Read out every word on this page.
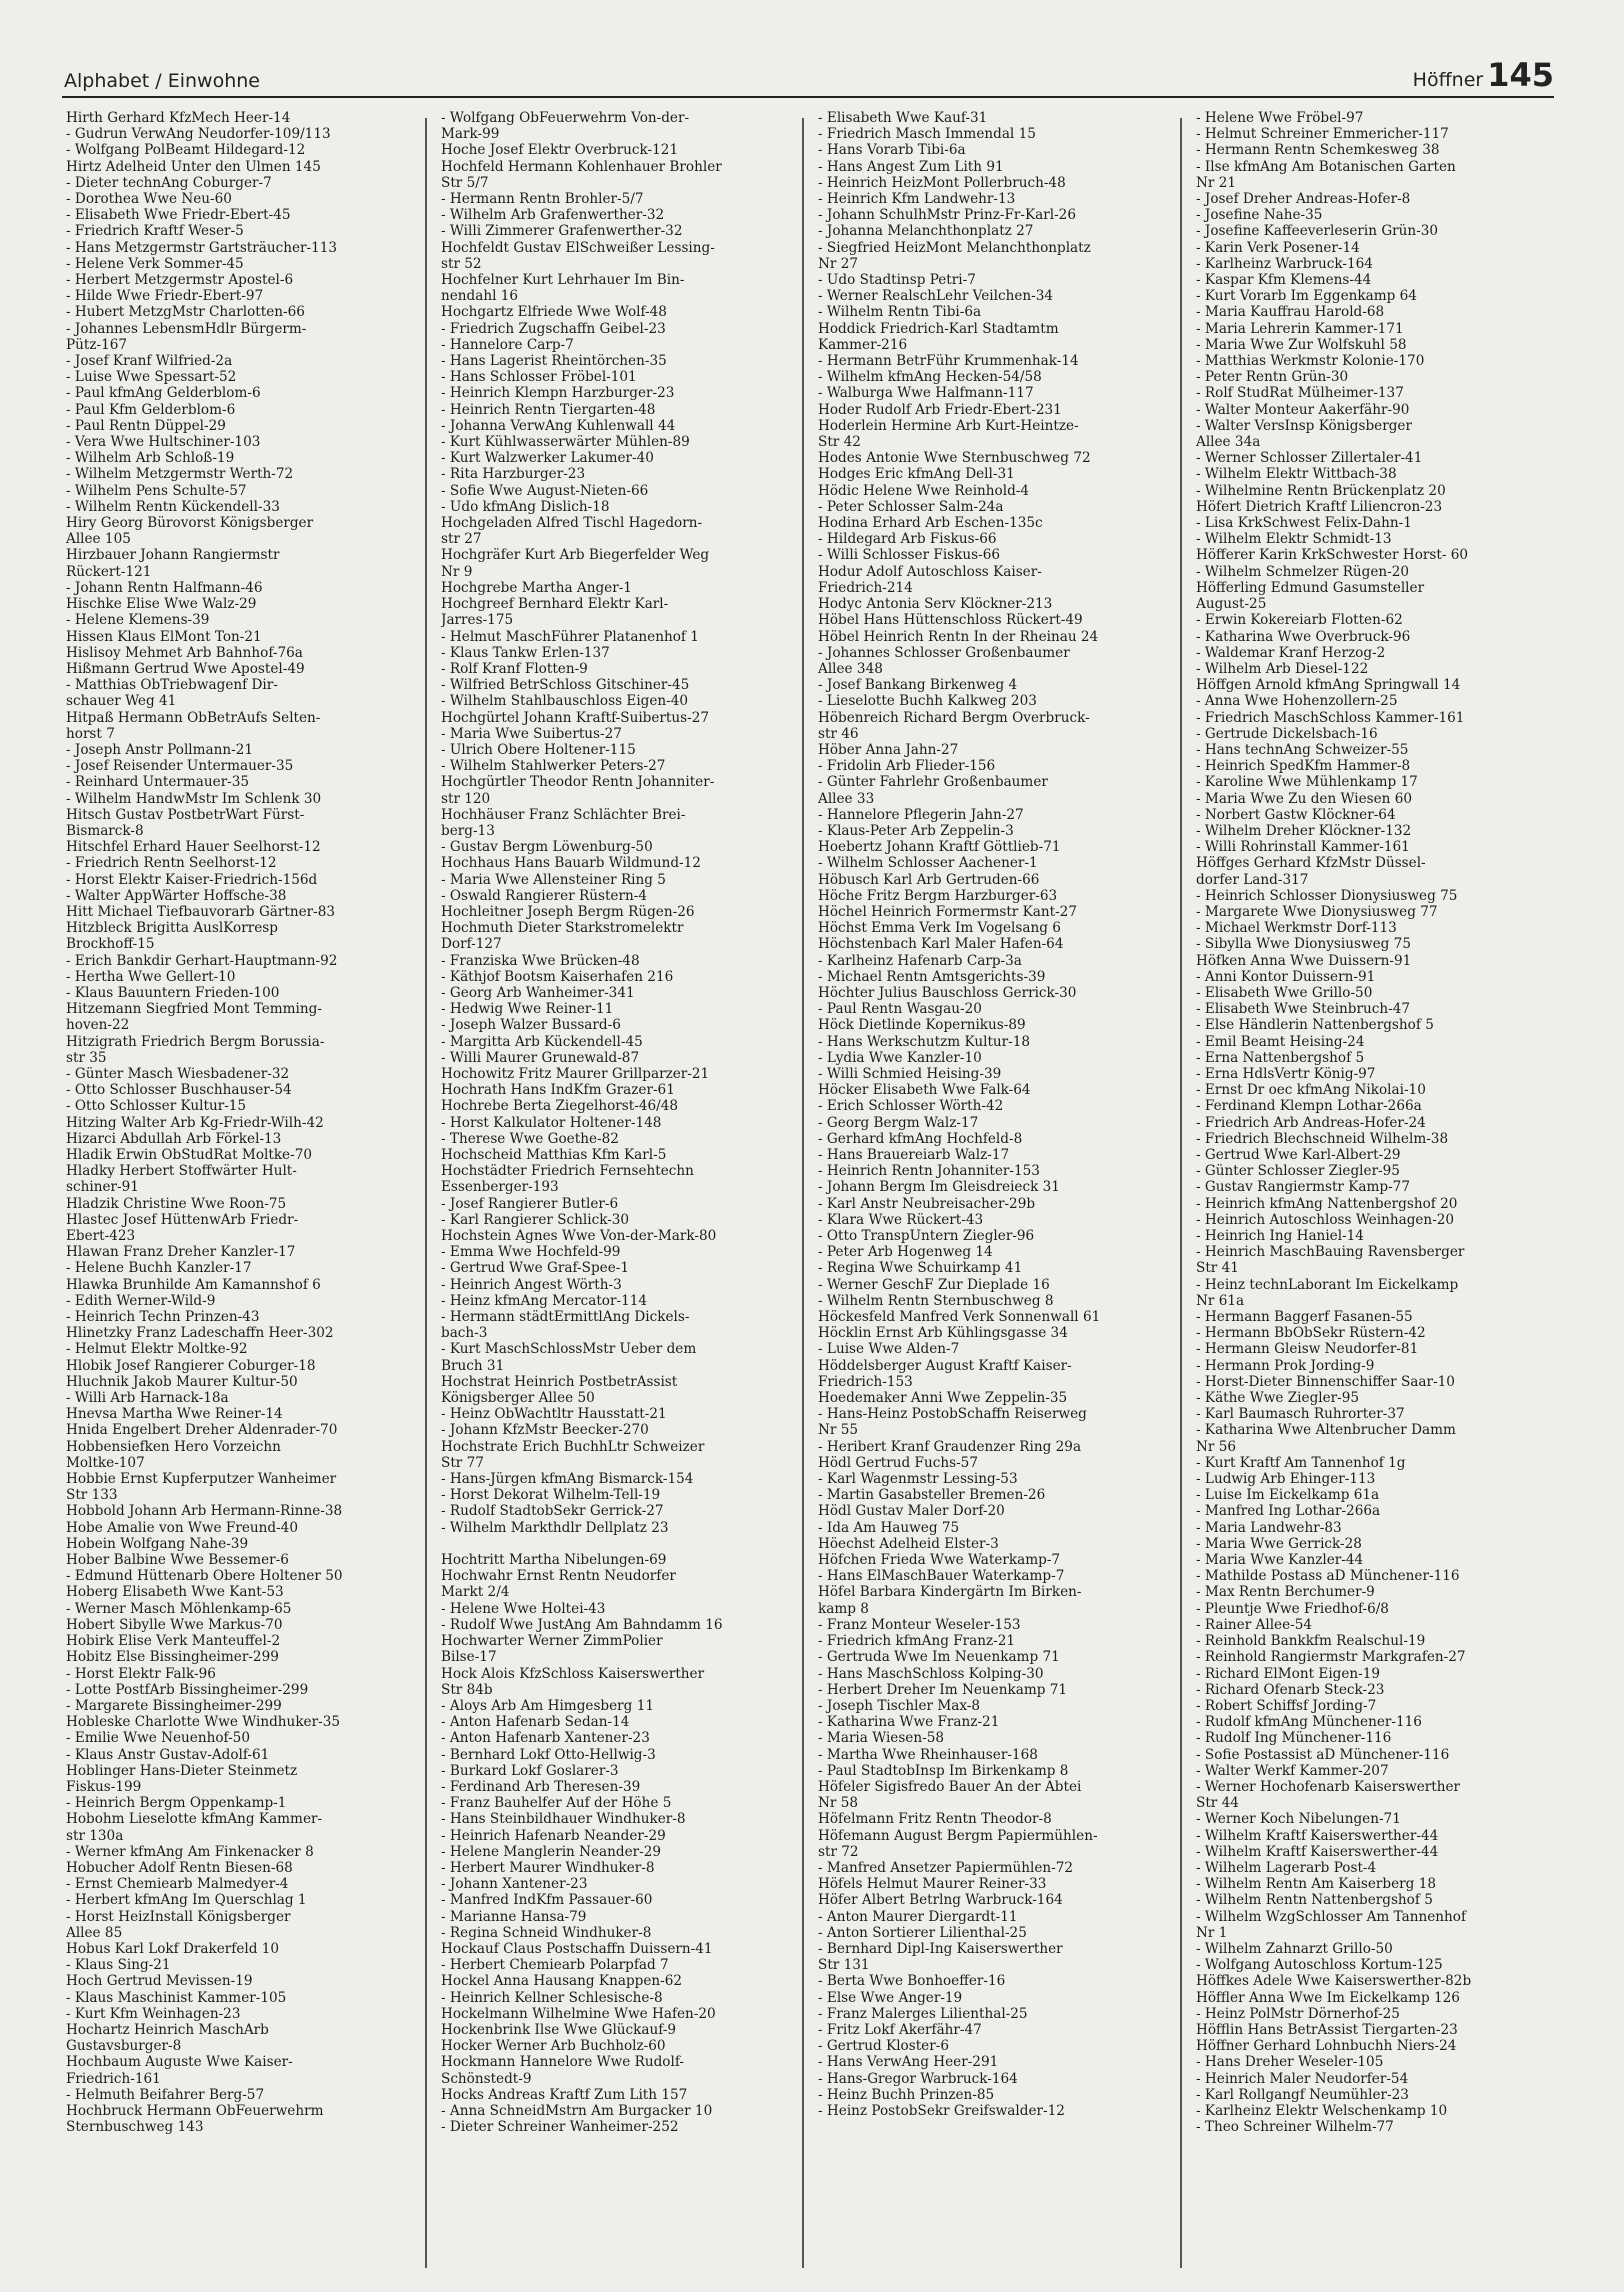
Alphabet / Einwohne	Höffner 145
Hirth Gerhard KfzMech Heer-14
- Gudrun VerwAng Neudorfer-109/113
- Wolfgang PolBeamt Hildegard-12
Hirtz Adelheid Unter den Ulmen 145
- Dieter technAng Coburger-7
- Dorothea Wwe Neu-60
- Elisabeth Wwe Friedr-Ebert-45
- Friedrich Kraftf Weser-5
- Hans Metzgermstr Gartsträucher-113
- Helene Verk Sommer-45
- Herbert Metzgermstr Apostel-6
- Hilde Wwe Friedr-Ebert-97
- Hubert MetzgMstr Charlotten-66
- Johannes LebensmHdlr Bürgerm-
Pütz-167
- Josef Kranf Wilfried-2a
- Luise Wwe Spessart-52
- Paul kfmAng Gelderblom-6
- Paul Kfm Gelderblom-6
- Paul Rentn Düppel-29
- Vera Wwe Hultschiner-103
- Wilhelm Arb Schloß-19
- Wilhelm Metzgermstr Werth-72
- Wilhelm Pens Schulte-57
- Wilhelm Rentn Kückendell-33
Hiry Georg Bürovorst Königsberger
Allee 105
Hirzbauer Johann Rangiermstr
Rückert-121
- Johann Rentn Halfmann-46
Hischke Elise Wwe Walz-29
- Helene Klemens-39
Hissen Klaus ElMont Ton-21
Hislisoy Mehmet Arb Bahnhof-76a
Hißmann Gertrud Wwe Apostel-49
- Matthias ObTriebwagenf Dir-
schauer Weg 41
Hitpaß Hermann ObBetrAufs Selten-
horst 7
- Joseph Anstr Pollmann-21
- Josef Reisender Untermauer-35
- Reinhard Untermauer-35
- Wilhelm HandwMstr Im Schlenk 30
Hitsch Gustav PostbetrWart Fürst-
Bismarck-8
Hitschfel Erhard Hauer Seelhorst-12
- Friedrich Rentn Seelhorst-12
- Horst Elektr Kaiser-Friedrich-156d
- Walter AppWärter Hoffsche-38
Hitt Michael Tiefbauvorarb Gärtner-83
Hitzbleck Brigitta AuslKorresp
Brockhoff-15
- Erich Bankdir Gerhart-Hauptmann-92
- Hertha Wwe Gellert-10
- Klaus Bauuntern Frieden-100
Hitzemann Siegfried Mont Temming-
hoven-22
Hitzigrath Friedrich Bergm Borussia-
str 35
- Günter Masch Wiesbadener-32
- Otto Schlosser Buschhauser-54
- Otto Schlosser Kultur-15
Hitzing Walter Arb Kg-Friedr-Wilh-42
Hizarci Abdullah Arb Förkel-13
Hladik Erwin ObStudRat Moltke-70
Hladky Herbert Stoffwärter Hult-
schiner-91
Hladzik Christine Wwe Roon-75
Hlastec Josef HüttenwArb Friedr-
Ebert-423
Hlawan Franz Dreher Kanzler-17
- Helene Buchh Kanzler-17
Hlawka Brunhilde Am Kamannshof 6
- Edith Werner-Wild-9
- Heinrich Techn Prinzen-43
Hlinetzky Franz Ladeschaffn Heer-302
- Helmut Elektr Moltke-92
Hlobik Josef Rangierer Coburger-18
Hluchnik Jakob Maurer Kultur-50
- Willi Arb Harnack-18a
Hnevsa Martha Wwe Reiner-14
Hnida Engelbert Dreher Aldenrader-70
Hobbensiefken Hero Vorzeichn
Moltke-107
Hobbie Ernst Kupferputzer Wanheimer
Str 133
Hobbold Johann Arb Hermann-Rinne-38
Hobe Amalie von Wwe Freund-40
Hobein Wolfgang Nahe-39
Hober Balbine Wwe Bessemer-6
- Edmund Hüttenarb Obere Holtener 50
Hoberg Elisabeth Wwe Kant-53
- Werner Masch Möhlenkamp-65
Hobert Sibylle Wwe Markus-70
Hobirk Elise Verk Manteuffel-2
Hobitz Else Bissingheimer-299
- Horst Elektr Falk-96
- Lotte PostfArb Bissingheimer-299
- Margarete Bissingheimer-299
Hobleske Charlotte Wwe Windhuker-35
- Emilie Wwe Neuenhof-50
- Klaus Anstr Gustav-Adolf-61
Hoblinger Hans-Dieter Steinmetz
Fiskus-199
- Heinrich Bergm Oppenkamp-1
Hobohm Lieselotte kfmAng Kammer-
str 130a
- Werner kfmAng Am Finkenacker 8
Hobucher Adolf Rentn Biesen-68
- Ernst Chemiearb Malmedyer-4
- Herbert kfmAng Im Querschlag 1
- Horst HeizInstall Königsberger
Allee 85
Hobus Karl Lokf Drakerfeld 10
- Klaus Sing-21
Hoch Gertrud Mevissen-19
- Klaus Maschinist Kammer-105
- Kurt Kfm Weinhagen-23
Hochartz Heinrich MaschArb
Gustavsburger-8
Hochbaum Auguste Wwe Kaiser-
Friedrich-161
- Helmuth Beifahrer Berg-57
Hochbruck Hermann ObFeuerwehrm
Sternbuschweg 143
- Wolfgang ObFeuerwehrm Von-der-
Mark-99
Hoche Josef Elektr Overbruck-121
Hochfeld Hermann Kohlenhauer Brohler
Str 5/7
- Hermann Rentn Brohler-5/7
- Wilhelm Arb Grafenwerther-32
- Willi Zimmerer Grafenwerther-32
Hochfeldt Gustav ElSchweißer Lessing-
str 52
Hochfelner Kurt Lehrhauer Im Bin-
nendahl 16
Hochgartz Elfriede Wwe Wolf-48
- Friedrich Zugschaffn Geibel-23
- Hannelore Carp-7
- Hans Lagerist Rheintörchen-35
- Hans Schlosser Fröbel-101
- Heinrich Klempn Harzburger-23
- Heinrich Rentn Tiergarten-48
- Johanna VerwAng Kuhlenwall 44
- Kurt Kühlwasserwärter Mühlen-89
- Kurt Walzwerker Lakumer-40
- Rita Harzburger-23
- Sofie Wwe August-Nieten-66
- Udo kfmAng Dislich-18
Hochgeladen Alfred Tischl Hagedorn-
str 27
Hochgräfer Kurt Arb Biegerfelder Weg
Nr 9
Hochgrebe Martha Anger-1
Hochgreef Bernhard Elektr Karl-
Jarres-175
- Helmut MaschFührer Platanenhof 1
- Klaus Tankw Erlen-137
- Rolf Kranf Flotten-9
- Wilfried BetrSchloss Gitschiner-45
- Wilhelm Stahlbauschloss Eigen-40
Hochgürtel Johann Kraftf-Suibertus-27
- Maria Wwe Suibertus-27
- Ulrich Obere Holtener-115
- Wilhelm Stahlwerker Peters-27
Hochgürtler Theodor Rentn Johanniter-
str 120
Hochhäuser Franz Schlächter Brei-
berg-13
- Gustav Bergm Löwenburg-50
Hochhaus Hans Bauarb Wildmund-12
- Maria Wwe Allensteiner Ring 5
- Oswald Rangierer Rüstern-4
Hochleitner Joseph Bergm Rügen-26
Hochmuth Dieter Starkstromelektr
Dorf-127
- Franziska Wwe Brücken-48
- Käthjof Bootsm Kaiserhafen 216
- Georg Arb Wanheimer-341
- Hedwig Wwe Reiner-11
- Joseph Walzer Bussard-6
- Margitta Arb Kückendell-45
- Willi Maurer Grunewald-87
Hochowitz Fritz Maurer Grillparzer-21
Hochrath Hans IndKfm Grazer-61
Hochrebe Berta Ziegelhorst-46/48
- Horst Kalkulator Holtener-148
- Therese Wwe Goethe-82
Hochscheid Matthias Kfm Karl-5
Hochstädter Friedrich Fernsehtechn
Essenberger-193
- Josef Rangierer Butler-6
- Karl Rangierer Schlick-30
Hochstein Agnes Wwe Von-der-Mark-80
- Emma Wwe Hochfeld-99
- Gertrud Wwe Graf-Spee-1
- Heinrich Angest Wörth-3
- Heinz kfmAng Mercator-114
- Hermann städtErmittlAng Dickels-
bach-3
- Kurt MaschSchlossMstr Ueber dem
Bruch 31
Hochstrat Heinrich PostbetrAssist
Königsberger Allee 50
- Heinz ObWachtltr Hausstatt-21
- Johann KfzMstr Beecker-270
Hochstrate Erich BuchhLtr Schweizer
Str 77
- Hans-Jürgen kfmAng Bismarck-154
- Horst Dekorat Wilhelm-Tell-19
- Rudolf StadtobSekr Gerrick-27
- Wilhelm Markthdlr Dellplatz 23

Hochtritt Martha Nibelungen-69
Hochwahr Ernst Rentn Neudorfer
Markt 2/4
- Helene Wwe Holtei-43
- Rudolf Wwe JustAng Am Bahndamm 16
Hochwarter Werner ZimmPolier
Bilse-17
Hock Alois KfzSchloss Kaiserswerther
Str 84b
- Aloys Arb Am Himgesberg 11
- Anton Hafenarb Sedan-14
- Anton Hafenarb Xantener-23
- Bernhard Lokf Otto-Hellwig-3
- Burkard Lokf Goslarer-3
- Ferdinand Arb Theresen-39
- Franz Bauhelfer Auf der Höhe 5
- Hans Steinbildhauer Windhuker-8
- Heinrich Hafenarb Neander-29
- Helene Manglerin Neander-29
- Herbert Maurer Windhuker-8
- Johann Xantener-23
- Manfred IndKfm Passauer-60
- Marianne Hansa-79
- Regina Schneid Windhuker-8
Hockauf Claus Postschaffn Duissern-41
- Herbert Chemiearb Polarpfad 7
Hockel Anna Hausang Knappen-62
- Heinrich Kellner Schlesische-8
Hockelmann Wilhelmine Wwe Hafen-20
Hockenbrink Ilse Wwe Glückauf-9
Hocker Werner Arb Buchholz-60
Hockmann Hannelore Wwe Rudolf-
Schönstedt-9
Hocks Andreas Kraftf Zum Lith 157
- Anna SchneidMstrn Am Burgacker 10
- Dieter Schreiner Wanheimer-252
- Elisabeth Wwe Kauf-31
- Friedrich Masch Immendal 15
- Hans Vorarb Tibi-6a
- Hans Angest Zum Lith 91
- Heinrich HeizMont Pollerbruch-48
- Heinrich Kfm Landwehr-13
- Johann SchulhMstr Prinz-Fr-Karl-26
- Johanna Melanchthonplatz 27
- Siegfried HeizMont Melanchthonplatz
Nr 27
- Udo Stadtinsp Petri-7
- Werner RealschLehr Veilchen-34
- Wilhelm Rentn Tibi-6a
Hoddick Friedrich-Karl Stadtamtm
Kammer-216
- Hermann BetrFühr Krummenhak-14
- Wilhelm kfmAng Hecken-54/58
- Walburga Wwe Halfmann-117
Hoder Rudolf Arb Friedr-Ebert-231
Hoderlein Hermine Arb Kurt-Heintze-
Str 42
Hodes Antonie Wwe Sternbuschweg 72
Hodges Eric kfmAng Dell-31
Hödic Helene Wwe Reinhold-4
- Peter Schlosser Salm-24a
Hodina Erhard Arb Eschen-135c
- Hildegard Arb Fiskus-66
- Willi Schlosser Fiskus-66
Hodur Adolf Autoschloss Kaiser-
Friedrich-214
Hodyc Antonia Serv Klöckner-213
Höbel Hans Hüttenschloss Rückert-49
Höbel Heinrich Rentn In der Rheinau 24
- Johannes Schlosser Großenbaumer
Allee 348
- Josef Bankang Birkenweg 4
- Lieselotte Buchh Kalkweg 203
Höbenreich Richard Bergm Overbruck-
str 46
Höber Anna Jahn-27
- Fridolin Arb Flieder-156
- Günter Fahrlehr Großenbaumer
Allee 33
- Hannelore Pflegerin Jahn-27
- Klaus-Peter Arb Zeppelin-3
Hoebertz Johann Kraftf Göttlieb-71
- Wilhelm Schlosser Aachener-1
Höbusch Karl Arb Gertruden-66
Höche Fritz Bergm Harzburger-63
Höchel Heinrich Formermstr Kant-27
Höchst Emma Verk Im Vogelsang 6
Höchstenbach Karl Maler Hafen-64
- Karlheinz Hafenarb Carp-3a
- Michael Rentn Amtsgerichts-39
Höchter Julius Bauschloss Gerrick-30
- Paul Rentn Wasgau-20
Höck Dietlinde Kopernikus-89
- Hans Werkschutzm Kultur-18
- Lydia Wwe Kanzler-10
- Willi Schmied Heising-39
Höcker Elisabeth Wwe Falk-64
- Erich Schlosser Wörth-42
- Georg Bergm Walz-17
- Gerhard kfmAng Hochfeld-8
- Hans Brauereiarb Walz-17
- Heinrich Rentn Johanniter-153
- Johann Bergm Im Gleisdreieck 31
- Karl Anstr Neubreisacher-29b
- Klara Wwe Rückert-43
- Otto TranspUntern Ziegler-96
- Peter Arb Hogenweg 14
- Regina Wwe Schuirkamp 41
- Werner GeschF Zur Dieplade 16
- Wilhelm Rentn Sternbuschweg 8
Höckesfeld Manfred Verk Sonnenwall 61
Höcklin Ernst Arb Kühlingsgasse 34
- Luise Wwe Alden-7
Höddelsberger August Kraftf Kaiser-
Friedrich-153
Hoedemaker Anni Wwe Zeppelin-35
- Hans-Heinz PostobSchaffn Reiserweg
Nr 55
- Heribert Kranf Graudenzer Ring 29a
Hödl Gertrud Fuchs-57
- Karl Wagenmstr Lessing-53
- Martin Gasabsteller Bremen-26
Hödl Gustav Maler Dorf-20
- Ida Am Hauweg 75
Höechst Adelheid Elster-3
Höfchen Frieda Wwe Waterkamp-7
- Hans ElMaschBauer Waterkamp-7
Höfel Barbara Kindergärtn Im Birken-
kamp 8
- Franz Monteur Weseler-153
- Friedrich kfmAng Franz-21
- Gertruda Wwe Im Neuenkamp 71
- Hans MaschSchloss Kolping-30
- Herbert Dreher Im Neuenkamp 71
- Joseph Tischler Max-8
- Katharina Wwe Franz-21
- Maria Wiesen-58
- Martha Wwe Rheinhauser-168
- Paul StadtobInsp Im Birkenkamp 8
Höfeler Sigisfredo Bauer An der Abtei
Nr 58
Höfelmann Fritz Rentn Theodor-8
Höfemann August Bergm Papiermühlen-
str 72
- Manfred Ansetzer Papiermühlen-72
Höfels Helmut Maurer Reiner-33
Höfer Albert Betrlng Warbruck-164
- Anton Maurer Diergardt-11
- Anton Sortierer Lilienthal-25
- Bernhard Dipl-Ing Kaiserswerther
Str 131
- Berta Wwe Bonhoeffer-16
- Else Wwe Anger-19
- Franz Malerges Lilienthal-25
- Fritz Lokf Akerfähr-47
- Gertrud Kloster-6
- Hans VerwAng Heer-291
- Hans-Gregor Warbruck-164
- Heinz Buchh Prinzen-85
- Heinz PostobSekr Greifswalder-12
- Helene Wwe Fröbel-97
- Helmut Schreiner Emmericher-117
- Hermann Rentn Schemkesweg 38
- Ilse kfmAng Am Botanischen Garten
Nr 21
- Josef Dreher Andreas-Hofer-8
- Josefine Nahe-35
- Josefine Kaffeeverleserin Grün-30
- Karin Verk Posener-14
- Karlheinz Warbruck-164
- Kaspar Kfm Klemens-44
- Kurt Vorarb Im Eggenkamp 64
- Maria Kauffrau Harold-68
- Maria Lehrerin Kammer-171
- Maria Wwe Zur Wolfskuhl 58
- Matthias Werkmstr Kolonie-170
- Peter Rentn Grün-30
- Rolf StudRat Mülheimer-137
- Walter Monteur Aakerfähr-90
- Walter VersInsp Königsberger
Allee 34a
- Werner Schlosser Zillertaler-41
- Wilhelm Elektr Wittbach-38
- Wilhelmine Rentn Brückenplatz 20
Höfert Dietrich Kraftf Liliencron-23
- Lisa KrkSchwest Felix-Dahn-1
- Wilhelm Elektr Schmidt-13
Höfferer Karin KrkSchwester Horst- 60
- Wilhelm Schmelzer Rügen-20
Höfferling Edmund Gasumsteller
August-25
- Erwin Kokereiarb Flotten-62
- Katharina Wwe Overbruck-96
- Waldemar Kranf Herzog-2
- Wilhelm Arb Diesel-122
Höffgen Arnold kfmAng Springwall 14
- Anna Wwe Hohenzollern-25
- Friedrich MaschSchloss Kammer-161
- Gertrude Dickelsbach-16
- Hans technAng Schweizer-55
- Heinrich SpedKfm Hammer-8
- Karoline Wwe Mühlenkamp 17
- Maria Wwe Zu den Wiesen 60
- Norbert Gastw Klöckner-64
- Wilhelm Dreher Klöckner-132
- Willi Rohrinstall Kammer-161
Höffges Gerhard KfzMstr Düssel-
dorfer Land-317
- Heinrich Schlosser Dionysiusweg 75
- Margarete Wwe Dionysiusweg 77
- Michael Werkmstr Dorf-113
- Sibylla Wwe Dionysiusweg 75
Höfken Anna Wwe Duissern-91
- Anni Kontor Duissern-91
- Elisabeth Wwe Grillo-50
- Elisabeth Wwe Steinbruch-47
- Else Händlerin Nattenbergshof 5
- Emil Beamt Heising-24
- Erna Nattenbergshof 5
- Erna HdlsVertr König-97
- Ernst Dr oec kfmAng Nikolai-10
- Ferdinand Klempn Lothar-266a
- Friedrich Arb Andreas-Hofer-24
- Friedrich Blechschneid Wilhelm-38
- Gertrud Wwe Karl-Albert-29
- Günter Schlosser Ziegler-95
- Gustav Rangiermstr Kamp-77
- Heinrich kfmAng Nattenbergshof 20
- Heinrich Autoschloss Weinhagen-20
- Heinrich Ing Haniel-14
- Heinrich MaschBauing Ravensberger
Str 41
- Heinz technLaborant Im Eickelkamp
Nr 61a
- Hermann Baggerf Fasanen-55
- Hermann BbObSekr Rüstern-42
- Hermann Gleisw Neudorfer-81
- Hermann Prok Jording-9
- Horst-Dieter Binnenschiffer Saar-10
- Käthe Wwe Ziegler-95
- Karl Baumasch Ruhrorter-37
- Katharina Wwe Altenbrucher Damm
Nr 56
- Kurt Kraftf Am Tannenhof 1g
- Ludwig Arb Ehinger-113
- Luise Im Eickelkamp 61a
- Manfred Ing Lothar-266a
- Maria Landwehr-83
- Maria Wwe Gerrick-28
- Maria Wwe Kanzler-44
- Mathilde Postass aD Münchener-116
- Max Rentn Berchumer-9
- Pleuntje Wwe Friedhof-6/8
- Rainer Allee-54
- Reinhold Bankkfm Realschul-19
- Reinhold Rangiermstr Markgrafen-27
- Richard ElMont Eigen-19
- Richard Ofenarb Steck-23
- Robert Schiffsf Jording-7
- Rudolf kfmAng Münchener-116
- Rudolf Ing Münchener-116
- Sofie Postassist aD Münchener-116
- Walter Werkf Kammer-207
- Werner Hochofenarb Kaiserswerther
Str 44
- Werner Koch Nibelungen-71
- Wilhelm Kraftf Kaiserswerther-44
- Wilhelm Kraftf Kaiserswerther-44
- Wilhelm Lagerarb Post-4
- Wilhelm Rentn Am Kaiserberg 18
- Wilhelm Rentn Nattenbergshof 5
- Wilhelm WzgSchlosser Am Tannenhof
Nr 1
- Wilhelm Zahnarzt Grillo-50
- Wolfgang Autoschloss Kortum-125
Höffkes Adele Wwe Kaiserswerther-82b
Höffler Anna Wwe Im Eickelkamp 126
- Heinz PolMstr Dörnerhof-25
Höfflin Hans BetrAssist Tiergarten-23
Höffner Gerhard Lohnbuchh Niers-24
- Hans Dreher Weseler-105
- Heinrich Maler Neudorfer-54
- Karl Rollgangf Neumühler-23
- Karlheinz Elektr Welschenkamp 10
- Theo Schreiner Wilhelm-77
